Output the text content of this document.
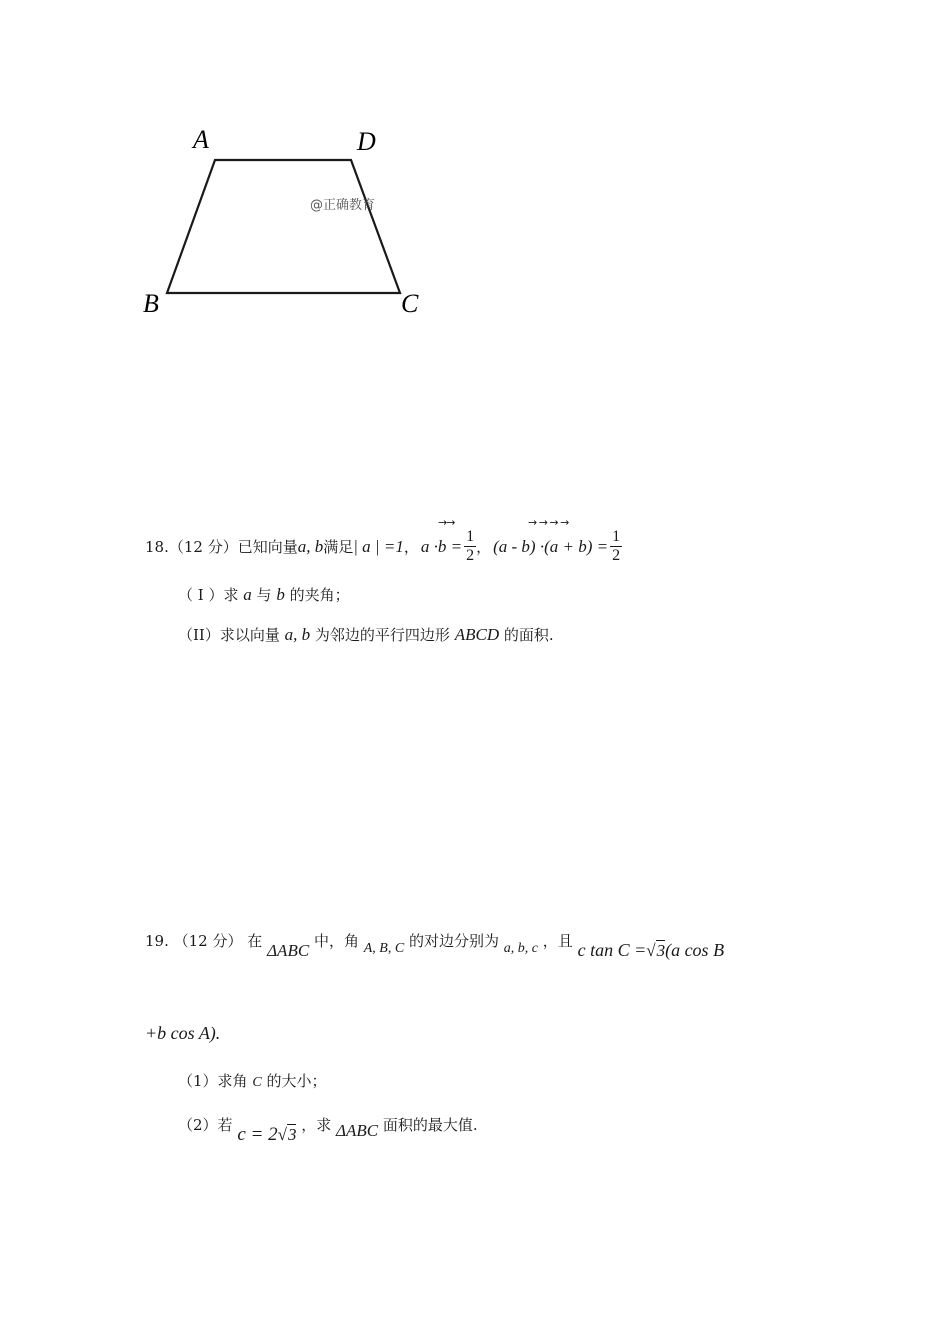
A	D
B	C
@正确教育
→→	→ → → →
18. （12 分） 已知向量 a, b 满足 | a | =1 ， $a \cdot b = \frac{1}{2}$ ， $(a - b) \cdot(a + b) = \frac{1}{2}$
（ I ）求 a 与 b 的夹角；
（II）求以向量 a, b 为邻边的平行四边形 ABCD 的面积.
19. （12 分） 在 ΔABC 中，角 A, B, C 的对边分别为 a, b, c ，且 c tan C =√3(a cos B
+b cos A).
（1）求角 C 的大小；
（2）若 c = 2√3 ，求 ΔABC 面积的最大值.
